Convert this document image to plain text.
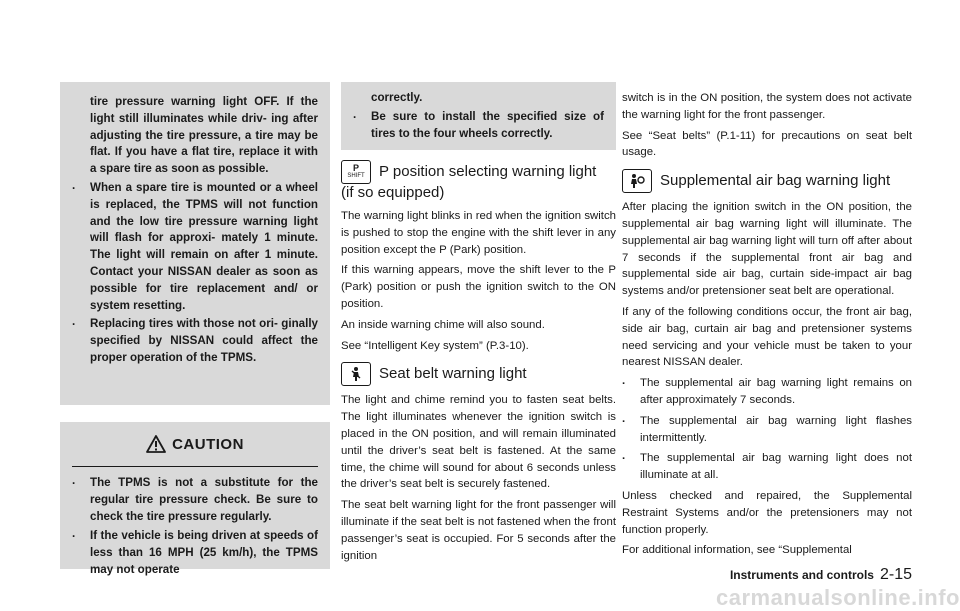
tire pressure warning light OFF. If the light still illuminates while driv- ing after adjusting the tire pressure, a tire may be flat. If you have a flat tire, replace it with a spare tire as soon as possible.

. When a spare tire is mounted or a wheel is replaced, the TPMS will not function and the low tire pressure warning light will flash for approxi- mately 1 minute. The light will remain on after 1 minute. Contact your NISSAN dealer as soon as possible for tire replacement and/ or system resetting.

. Replacing tires with those not ori- ginally specified by NISSAN could affect the proper operation of the TPMS.

CAUTION

. The TPMS is not a substitute for the regular tire pressure check. Be sure to check the tire pressure regularly.

. If the vehicle is being driven at speeds of less than 16 MPH (25 km/h), the TPMS may not operate

correctly.

. Be sure to install the specified size of tires to the four wheels correctly.

P
SHIFT P position selecting warning light

(if so equipped)

The warning light blinks in red when the ignition switch is pushed to stop the engine with the shift lever in any position except the P (Park) position.

If this warning appears, move the shift lever to the P (Park) position or push the ignition switch to the ON position.

An inside warning chime will also sound.

See “Intelligent Key system” (P.3-10).

Seat belt warning light

The light and chime remind you to fasten seat belts. The light illuminates whenever the ignition switch is placed in the ON position, and will remain illuminated until the driver’s seat belt is fastened. At the same time, the chime will sound for about 6 seconds unless the driver’s seat belt is securely fastened.

The seat belt warning light for the front passenger will illuminate if the seat belt is not fastened when the front passenger’s seat is occupied. For 5 seconds after the ignition

switch is in the ON position, the system does not activate the warning light for the front passenger.

See “Seat belts” (P.1-11) for precautions on seat belt usage.

Supplemental air bag warning light

After placing the ignition switch in the ON position, the supplemental air bag warning light will illuminate. The supplemental air bag warning light will turn off after about 7 seconds if the supplemental front air bag and supplemental side air bag, curtain side-impact air bag systems and/or pretensioner seat belt are operational.

If any of the following conditions occur, the front air bag, side air bag, curtain air bag and pretensioner systems need servicing and your vehicle must be taken to your nearest NISSAN dealer.

. The supplemental air bag warning light remains on after approximately 7 seconds.

. The supplemental air bag warning light flashes intermittently.

. The supplemental air bag warning light does not illuminate at all.

Unless checked and repaired, the Supplemental Restraint Systems and/or the pretensioners may not function properly.

For additional information, see “Supplemental

Instruments and controls 2-15
carmanualsonline.info
